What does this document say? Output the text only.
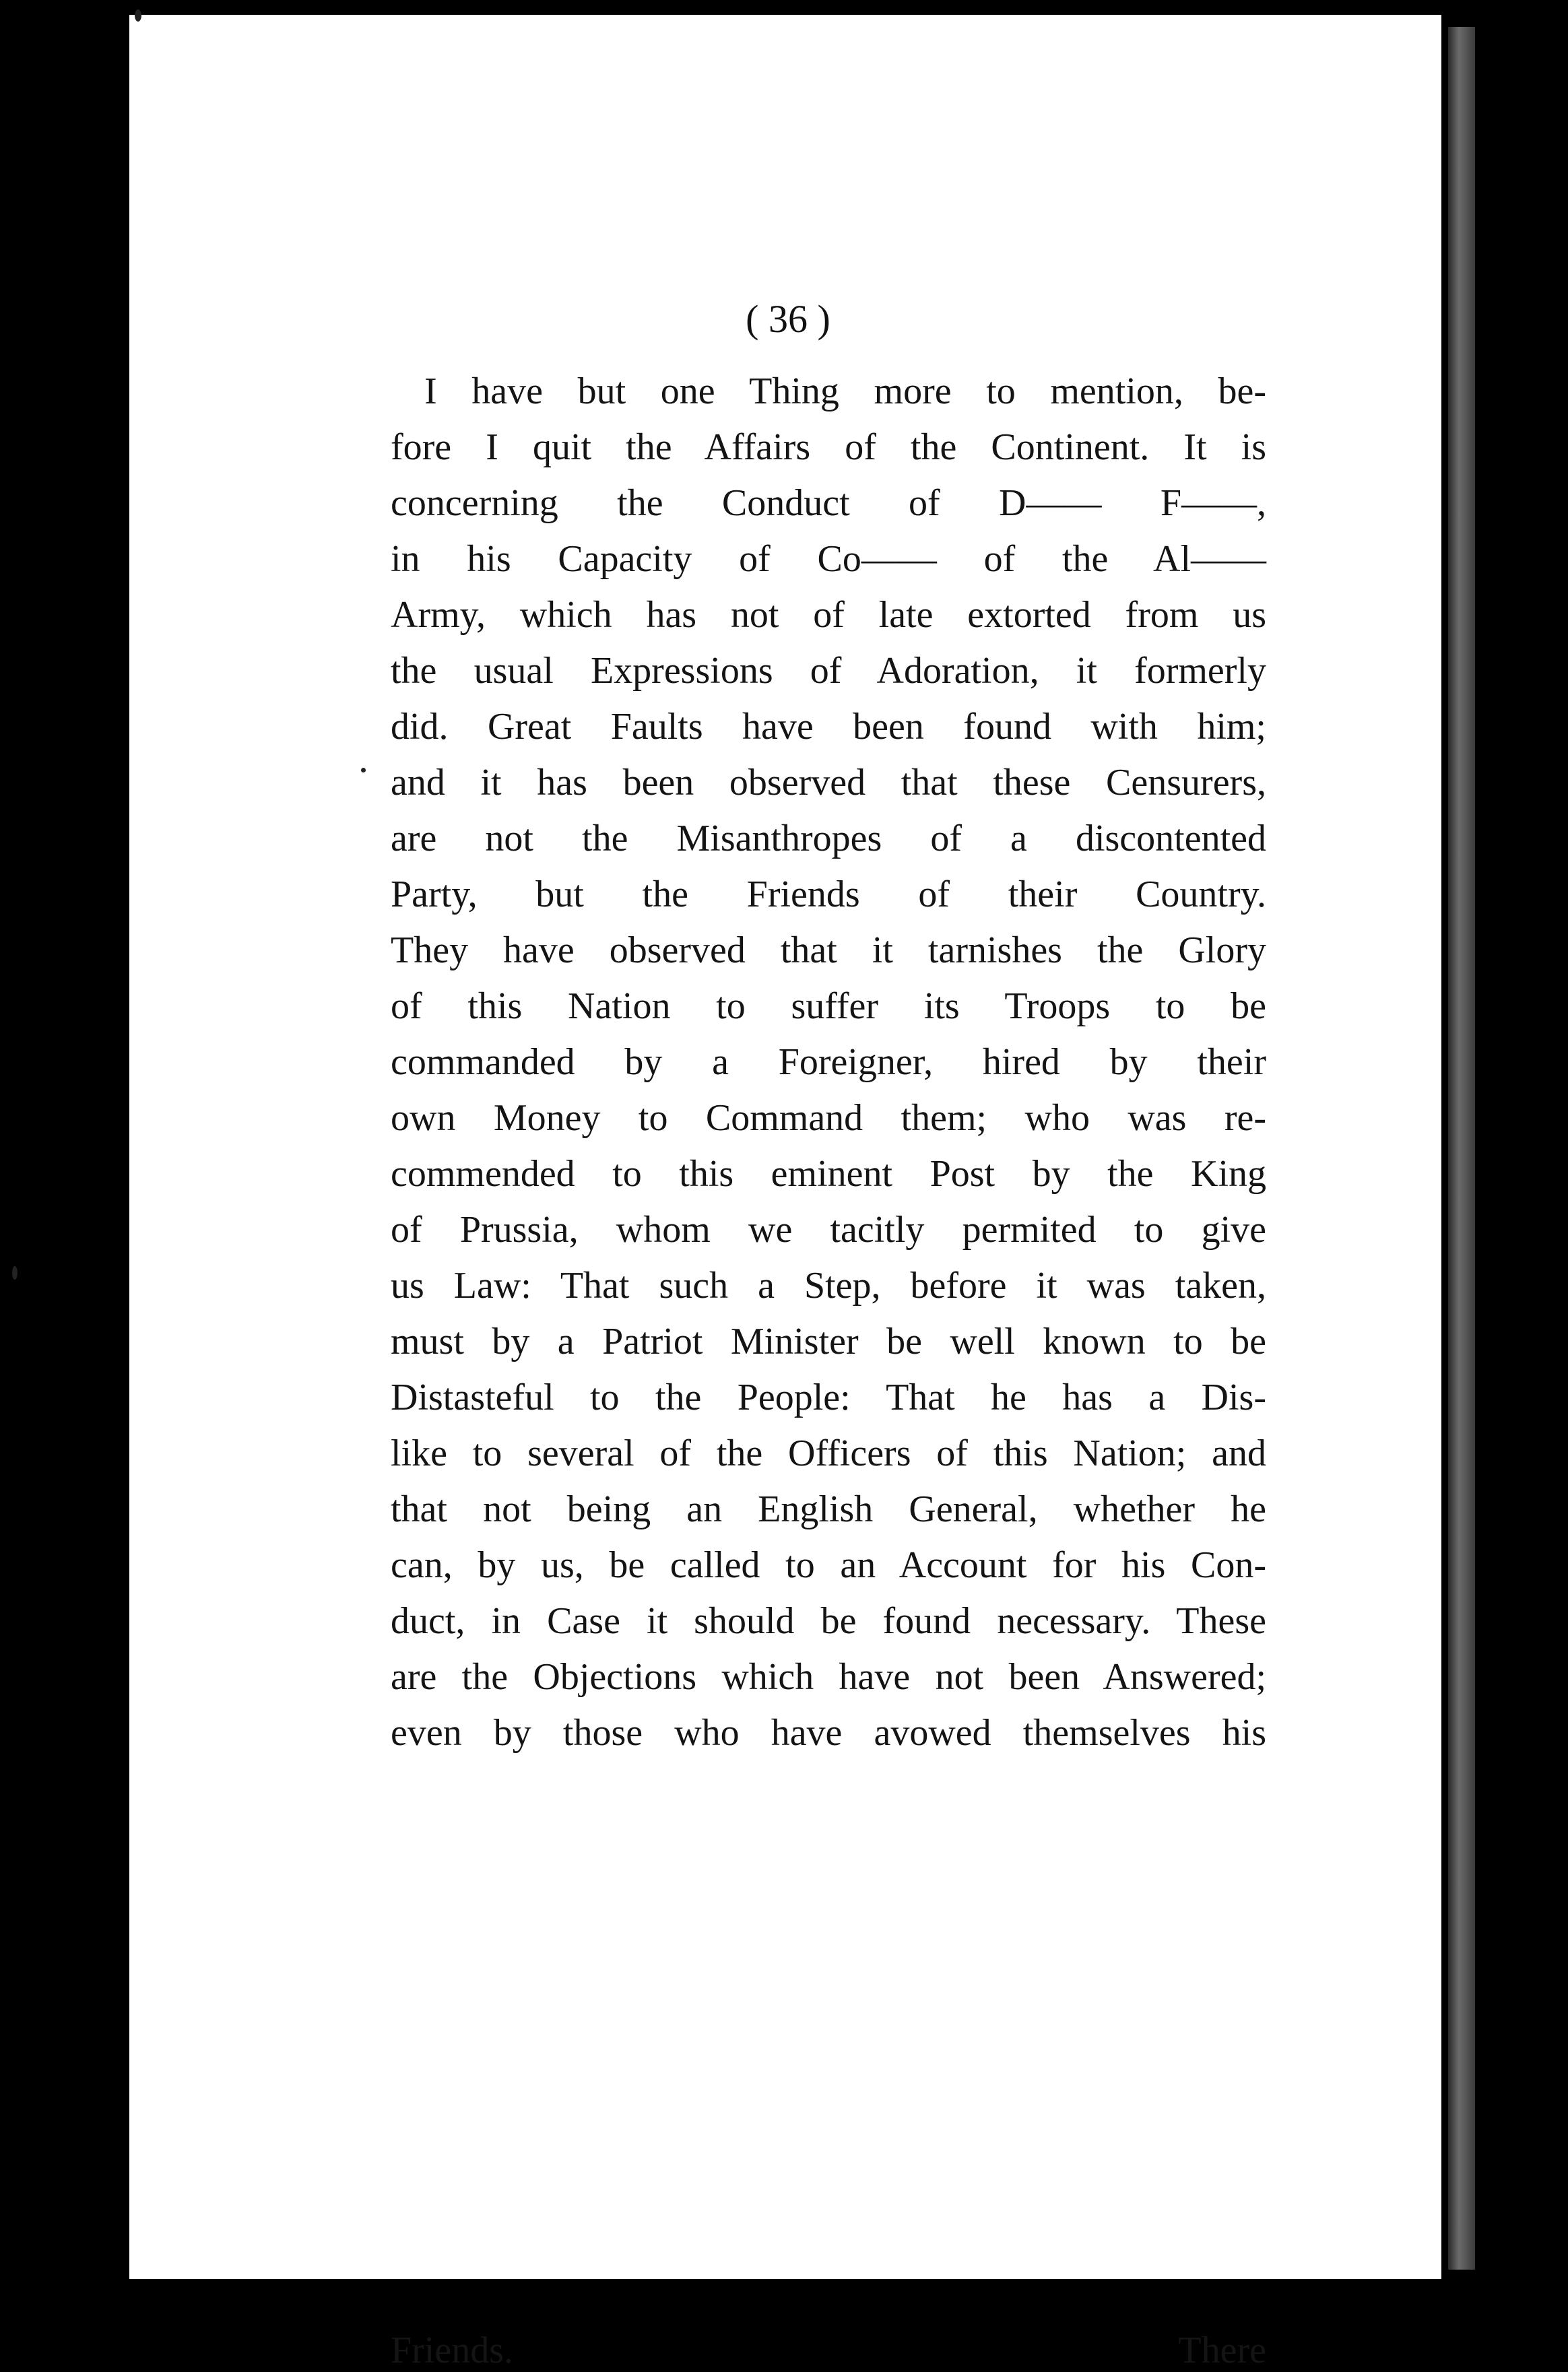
( 36 )
I have but one Thing more to mention, be-
fore I quit the Affairs of the Continent. It is
concerning the Conduct of D—— F——,
in his Capacity of Co—— of the Al——
Army, which has not of late extorted from us
the usual Expressions of Adoration, it formerly
did. Great Faults have been found with him;
and it has been observed that these Censurers,
are not the Misanthropes of a discontented
Party, but the Friends of their Country.
They have observed that it tarnishes the Glory
of this Nation to suffer its Troops to be
commanded by a Foreigner, hired by their
own Money to Command them; who was re-
commended to this eminent Post by the King
of Prussia, whom we tacitly permited to give
us Law: That such a Step, before it was taken,
must by a Patriot Minister be well known to be
Distasteful to the People: That he has a Dis-
like to several of the Officers of this Nation; and
that not being an English General, whether he
can, by us, be called to an Account for his Con-
duct, in Case it should be found necessary. These
are the Objections which have not been Answered;
even by those who have avowed themselves his
Friends.	There
